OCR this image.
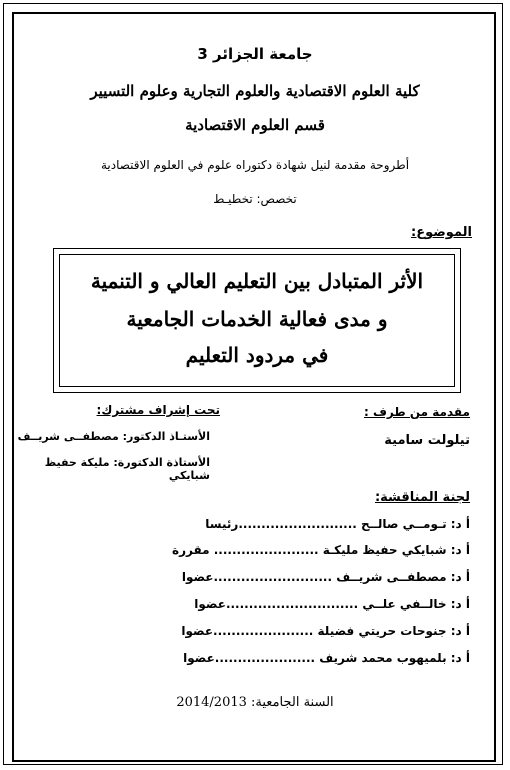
جامعة الجزائر 3
كلية العلوم الاقتصادية والعلوم التجارية وعلوم التسيير
قسم العلوم الاقتصادية
أطروحة مقدمة لنيل شهادة دكتوراه علوم في العلوم الاقتصادية
تخصص: تخطيـط
الموضوع:
الأثر المتبادل بين التعليم العالي و التنمية
و مدى فعالية الخدمات الجامعية
في مردود التعليم
مقدمة من طرف :
تيلولت سامية
تحت إشراف مشترك:
الأستـاذ الدكتور: مصطفــى شريــف
الأستاذة الدكتورة: مليكة حفيظ شبايكي
لجنة المناقشة:
أ د: تـومــي صالــح ..........................رئيسا
أ د: شبايكي حفيظ مليكـة ....................... مقررة
أ د: مصطفــى شريــف ..........................عضوا
أ د: خالــفي علــي .............................عضوا
أ د: جنوحات حريتي فضيلة ......................عضوا
أ د: بلميهوب محمد شريف ......................عضوا
السنة الجامعية: 2014/2013
